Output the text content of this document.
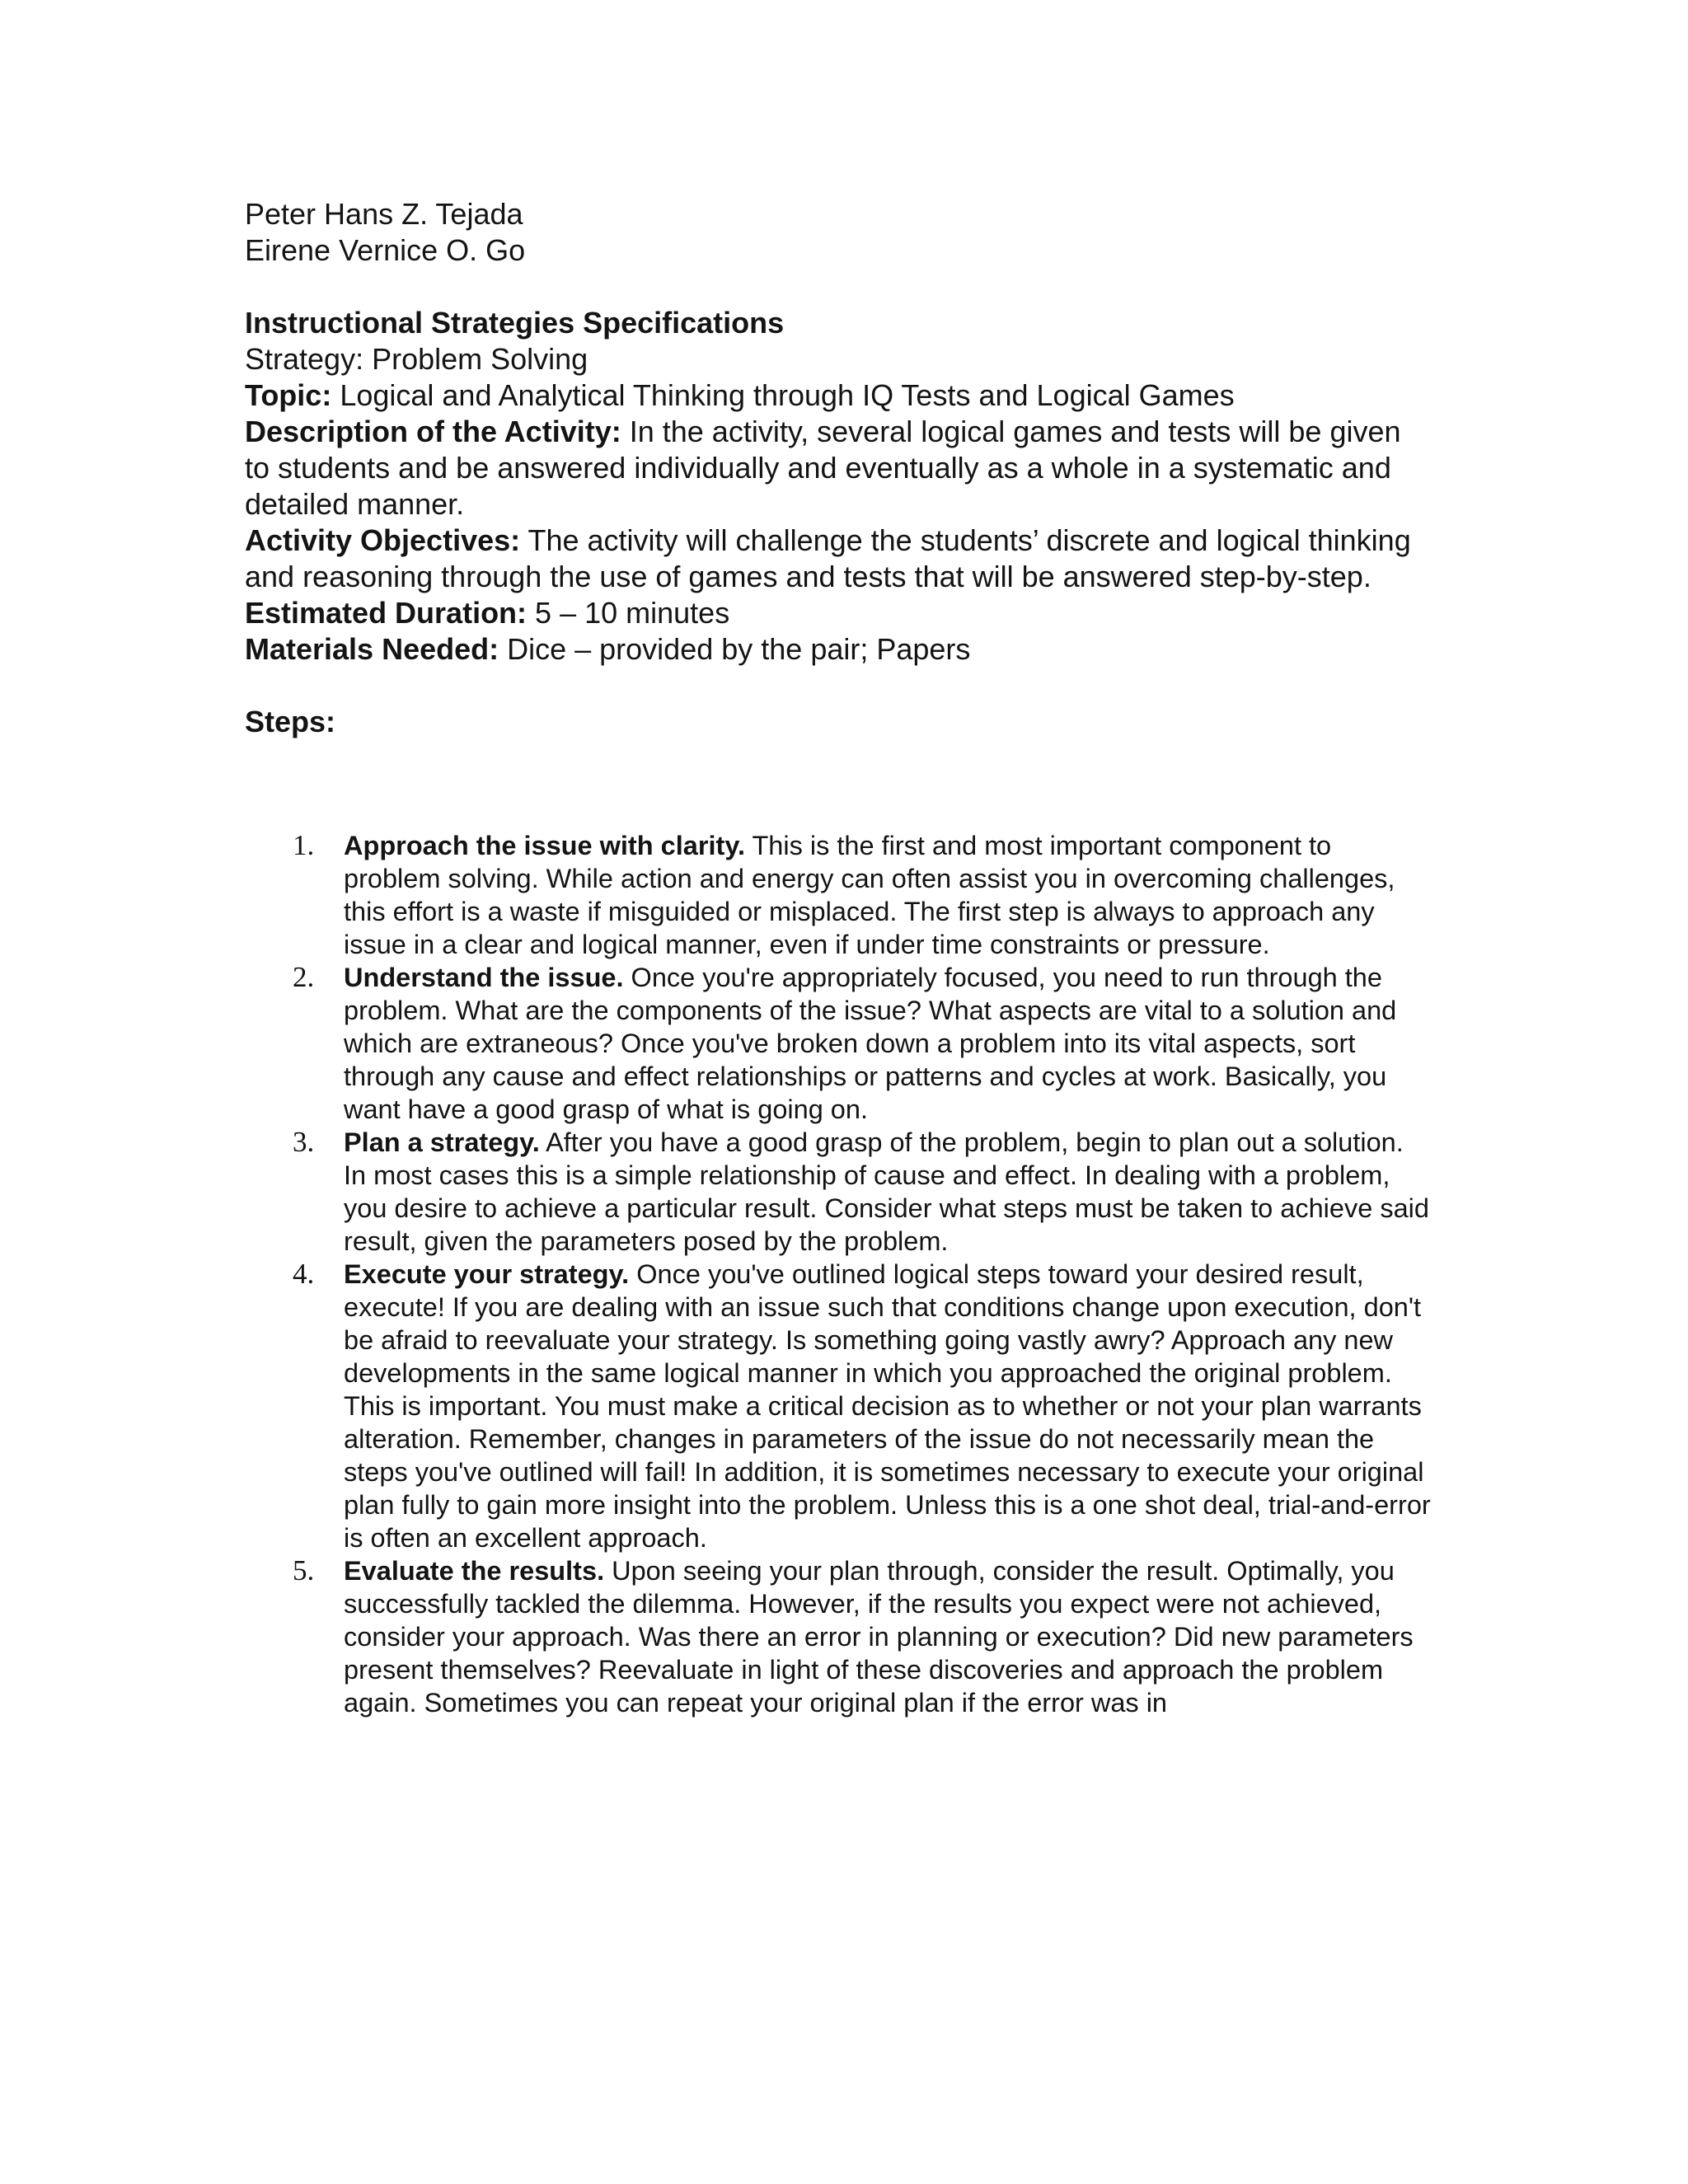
Peter Hans Z. Tejada

Eirene Vernice O. Go

Instructional Strategies Specifications

Strategy: Problem Solving

Topic: Logical and Analytical Thinking through IQ Tests and Logical Games

Description of the Activity: In the activity, several logical games and tests will be given to students and be answered individually and eventually as a whole in a systematic and detailed manner.

Activity Objectives: The activity will challenge the students’ discrete and logical thinking and reasoning through the use of games and tests that will be answered step-by-step.

Estimated Duration: 5 – 10 minutes

Materials Needed: Dice – provided by the pair; Papers

Steps:

1. Approach the issue with clarity. This is the first and most important component to problem solving. While action and energy can often assist you in overcoming challenges, this effort is a waste if misguided or misplaced. The first step is always to approach any issue in a clear and logical manner, even if under time constraints or pressure.
2. Understand the issue. Once you're appropriately focused, you need to run through the problem. What are the components of the issue? What aspects are vital to a solution and which are extraneous? Once you've broken down a problem into its vital aspects, sort through any cause and effect relationships or patterns and cycles at work. Basically, you want have a good grasp of what is going on.
3. Plan a strategy. After you have a good grasp of the problem, begin to plan out a solution. In most cases this is a simple relationship of cause and effect. In dealing with a problem, you desire to achieve a particular result. Consider what steps must be taken to achieve said result, given the parameters posed by the problem.
4. Execute your strategy. Once you've outlined logical steps toward your desired result, execute! If you are dealing with an issue such that conditions change upon execution, don't be afraid to reevaluate your strategy. Is something going vastly awry? Approach any new developments in the same logical manner in which you approached the original problem. This is important. You must make a critical decision as to whether or not your plan warrants alteration. Remember, changes in parameters of the issue do not necessarily mean the steps you've outlined will fail! In addition, it is sometimes necessary to execute your original plan fully to gain more insight into the problem. Unless this is a one shot deal, trial-and-error is often an excellent approach.
5. Evaluate the results. Upon seeing your plan through, consider the result. Optimally, you successfully tackled the dilemma. However, if the results you expect were not achieved, consider your approach. Was there an error in planning or execution? Did new parameters present themselves? Reevaluate in light of these discoveries and approach the problem again. Sometimes you can repeat your original plan if the error was in
